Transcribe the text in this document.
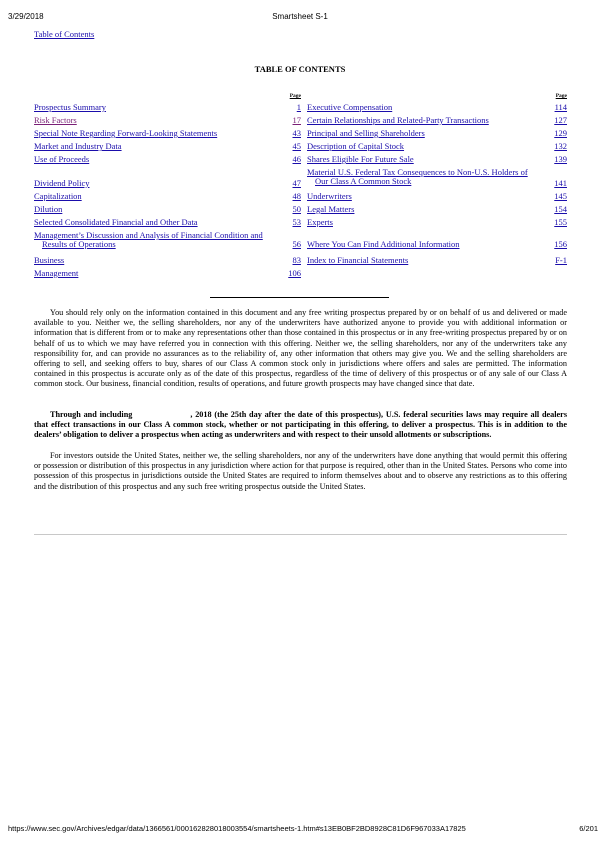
3/29/2018	Smartsheet S-1
Table of Contents
TABLE OF CONTENTS
Page
Prospectus Summary	1
Risk Factors	17
Special Note Regarding Forward-Looking Statements	43
Market and Industry Data	45
Use of Proceeds	46
Dividend Policy	47
Capitalization	48
Dilution	50
Selected Consolidated Financial and Other Data	53
Management’s Discussion and Analysis of Financial Condition and
Results of Operations	56
Business	83
Management	106
Page
Executive Compensation	114
Certain Relationships and Related-Party Transactions	127
Principal and Selling Shareholders	129
Description of Capital Stock	132
Shares Eligible For Future Sale	139
Material U.S. Federal Tax Consequences to Non-U.S. Holders of
Our Class A Common Stock	141
Underwriters	145
Legal Matters	154
Experts	155
Where You Can Find Additional Information	156
Index to Financial Statements	F-1
You should rely only on the information contained in this document and any free writing prospectus prepared by or on behalf of us and delivered or made available to you. Neither we, the selling shareholders, nor any of the underwriters have authorized anyone to provide you with additional information or information that is different from or to make any representations other than those contained in this prospectus or in any free-writing prospectus prepared by or on behalf of us to which we may have referred you in connection with this offering. Neither we, the selling shareholders, nor any of the underwriters take any responsibility for, and can provide no assurances as to the reliability of, any other information that others may give you. We and the selling shareholders are offering to sell, and seeking offers to buy, shares of our Class A common stock only in jurisdictions where offers and sales are permitted. The information contained in this prospectus is accurate only as of the date of this prospectus, regardless of the time of delivery of this prospectus or of any sale of our Class A common stock. Our business, financial condition, results of operations, and future growth prospects may have changed since that date.
Through and including	, 2018 (the 25th day after the date of this prospectus), U.S. federal securities laws may require all dealers that effect transactions in our Class A common stock, whether or not participating in this offering, to deliver a prospectus. This is in addition to the dealers’ obligation to deliver a prospectus when acting as underwriters and with respect to their unsold allotments or subscriptions.
For investors outside the United States, neither we, the selling shareholders, nor any of the underwriters have done anything that would permit this offering or possession or distribution of this prospectus in any jurisdiction where action for that purpose is required, other than in the United States. Persons who come into possession of this prospectus in jurisdictions outside the United States are required to inform themselves about and to observe any restrictions as to this offering and the distribution of this prospectus and any such free writing prospectus outside the United States.
https://www.sec.gov/Archives/edgar/data/1366561/000162828018003554/smartsheets-1.htm#s13EB0BF2BD8928C81D6F967033A17825	6/201
